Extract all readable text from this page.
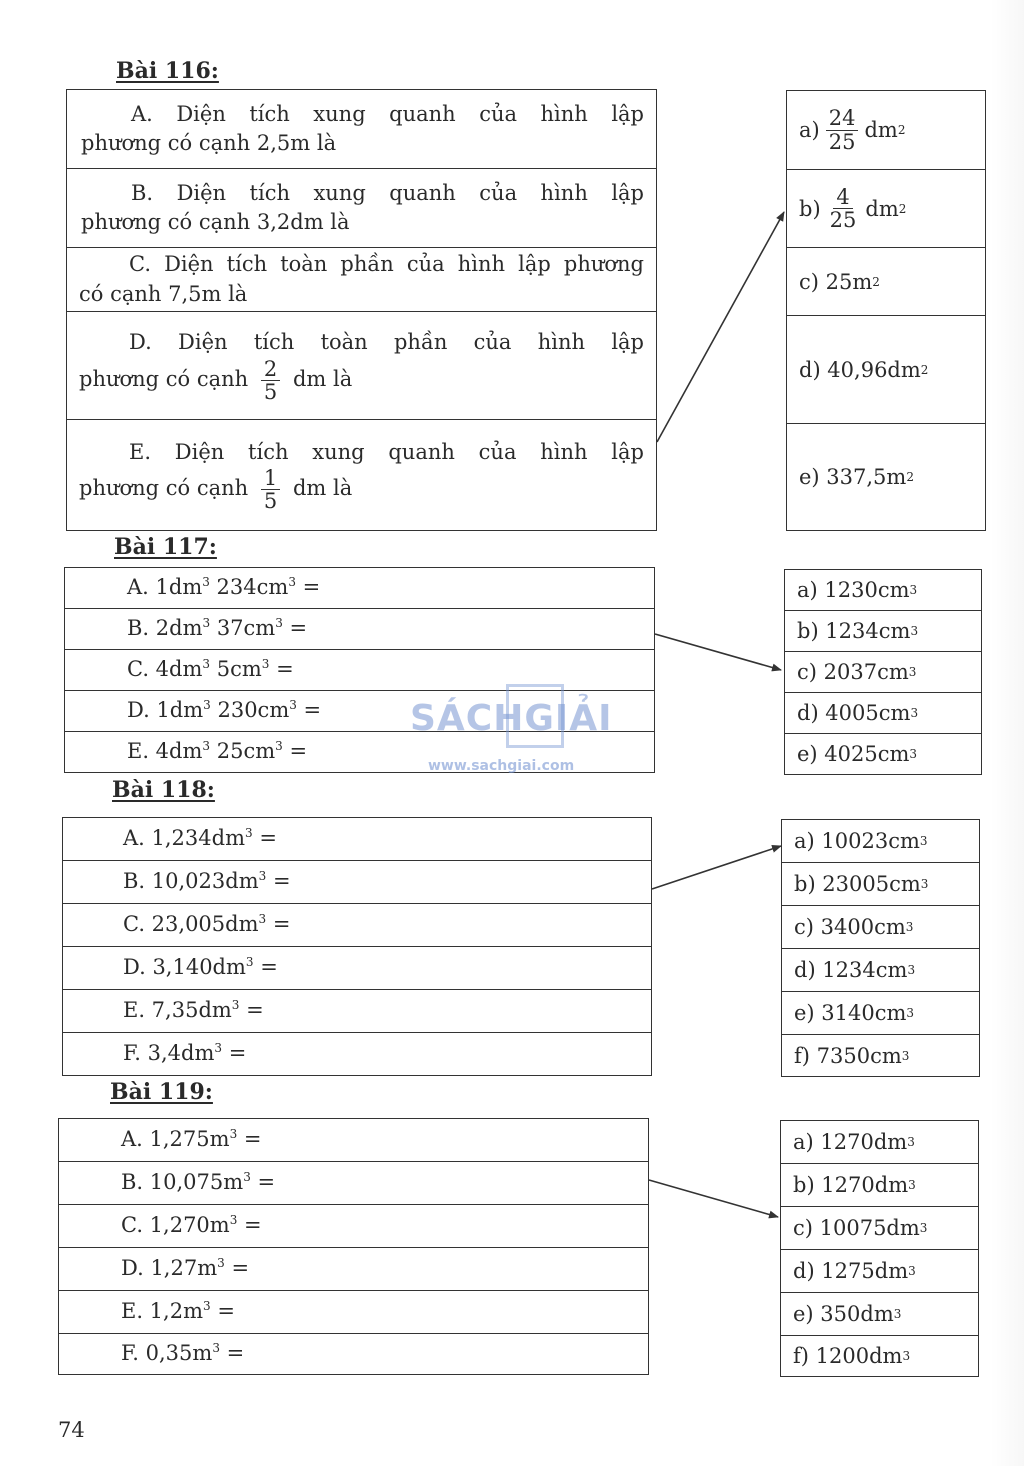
Bài 116:
A. Diện tích xung quanh của hình lập
phương có cạnh 2,5m là
B. Diện tích xung quanh của hình lập
phương có cạnh 3,2dm là
C. Diện tích toàn phần của hình lập phương
có cạnh 7,5m là
D. Diện tích toàn phần của hình lập
phương có cạnh $\frac{2}{5}$ dm là
E. Diện tích xung quanh của hình lập
phương có cạnh $\frac{1}{5}$ dm là
$a) \frac{24}{25}$ dm 2
$b) \frac{4}{25}$ dm 2
c) 25m 2
d) 40,96dm 2
e) 337,5m 2
Bài 117:
A. $1dm^3$ $234cm^3$ =
B. $2dm^3$ $37cm^3$ =
C. $4dm^3$ $5cm^3$ =
D. $1dm^3$ $230cm^3$ =
E. $4dm^3$ $25cm^3$ =
a) 1230cm 3
b) 1234cm 3
c) 2037cm 3
d) 4005cm 3
e) 4025cm 3
Bài 118:
A. $1,234dm^3$ =
B. $10,023dm^3$ =
C. $23,005dm^3$ =
D. $3,140dm^3$ =
E. $7,35dm^3$ =
F. $3,4dm^3$ =
a) 10023cm 3
b) 23005cm 3
c) 3400cm 3
d) 1234cm 3
e) 3140cm 3
f) 7350cm 3
Bài 119:
A. $1,275m^3$ =
B. $10,075m^3$ =
C. $1,270m^3$ =
D. $1,27m^3$ =
E. $1,2m^3$ =
F. $0,35m^3$ =
a) 1270dm 3
b) 1270dm 3
c) 10075dm 3
d) 1275dm 3
e) 350dm 3
f) 1200dm 3
SÁCHGIẢI
www.sachgiai.com
74
